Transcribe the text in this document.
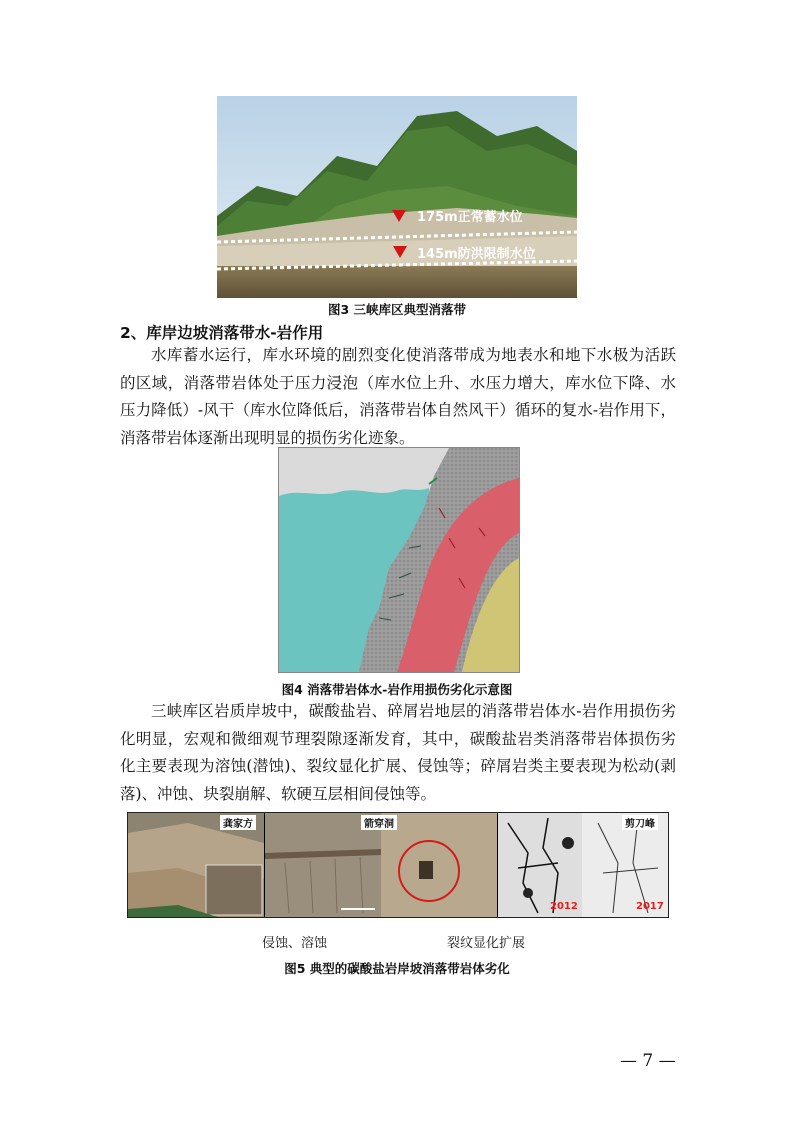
175m正常蓄水位
145m防洪限制水位
图3 三峡库区典型消落带
2、库岸边坡消落带水-岩作用
水库蓄水运行，库水环境的剧烈变化使消落带成为地表水和地下水极为活跃的区域，消落带岩体处于压力浸泡（库水位上升、水压力增大，库水位下降、水压力降低）-风干（库水位降低后，消落带岩体自然风干）循环的复水-岩作用下，消落带岩体逐渐出现明显的损伤劣化迹象。
图4 消落带岩体水-岩作用损伤劣化示意图
三峡库区岩质岸坡中，碳酸盐岩、碎屑岩地层的消落带岩体水-岩作用损伤劣化明显，宏观和微细观节理裂隙逐渐发育，其中，碳酸盐岩类消落带岩体损伤劣化主要表现为溶蚀(潜蚀)、裂纹显化扩展、侵蚀等；碎屑岩类主要表现为松动(剥落)、冲蚀、块裂崩解、软硬互层相间侵蚀等。
龚家方	箭穿洞
2012	2017
剪刀峰
侵蚀、溶蚀	裂纹显化扩展
图5 典型的碳酸盐岩岸坡消落带岩体劣化
— 7 —
